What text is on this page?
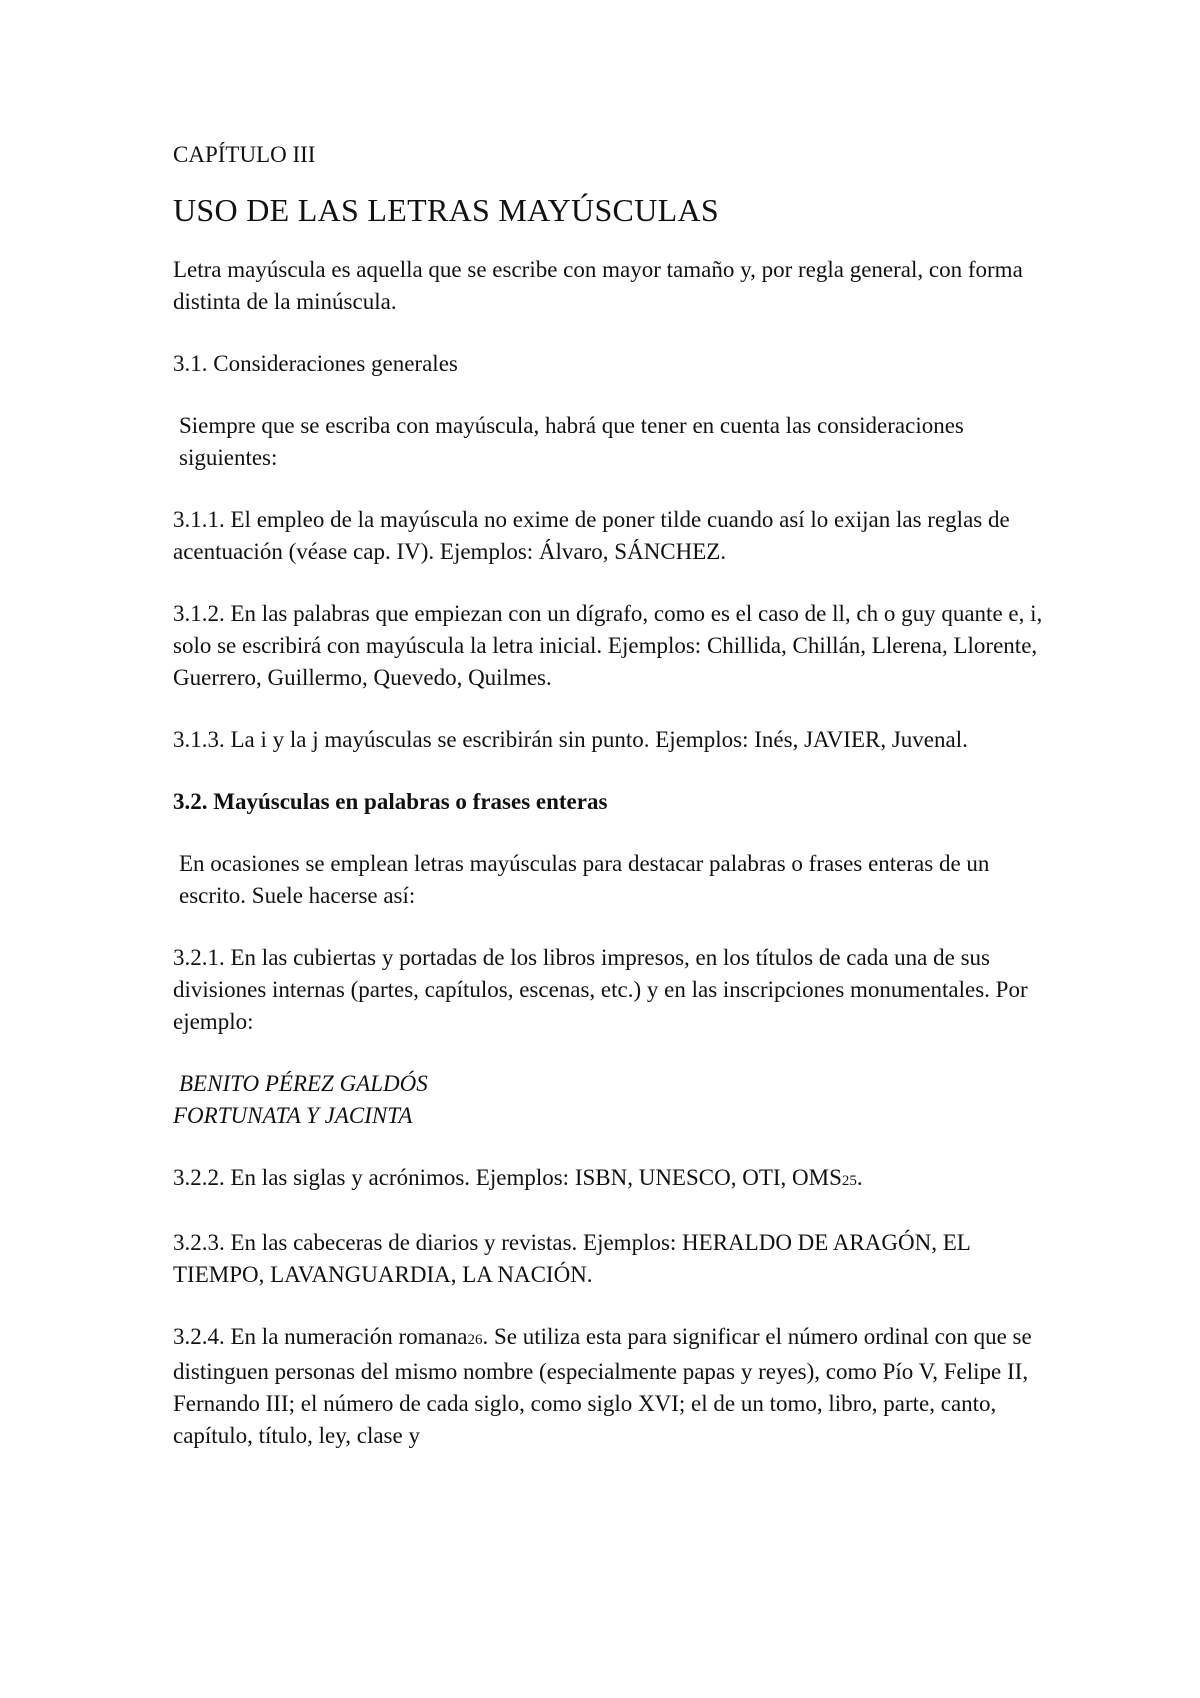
CAPÍTULO III
USO DE LAS LETRAS MAYÚSCULAS
Letra mayúscula es aquella que se escribe con mayor tamaño y, por regla general, con forma distinta de la minúscula.
3.1. Consideraciones generales
Siempre que se escriba con mayúscula, habrá que tener en cuenta las consideraciones siguientes:
3.1.1. El empleo de la mayúscula no exime de poner tilde cuando así lo exijan las reglas de acentuación (véase cap. IV). Ejemplos: Álvaro, SÁNCHEZ.
3.1.2. En las palabras que empiezan con un dígrafo, como es el caso de ll, ch o guy quante e, i, solo se escribirá con mayúscula la letra inicial. Ejemplos: Chillida, Chillán, Llerena, Llorente, Guerrero, Guillermo, Quevedo, Quilmes.
3.1.3. La i y la j mayúsculas se escribirán sin punto. Ejemplos: Inés, JAVIER, Juvenal.
3.2. Mayúsculas en palabras o frases enteras
En ocasiones se emplean letras mayúsculas para destacar palabras o frases enteras de un escrito. Suele hacerse así:
3.2.1. En las cubiertas y portadas de los libros impresos, en los títulos de cada una de sus divisiones internas (partes, capítulos, escenas, etc.) y en las inscripciones monumentales. Por ejemplo:
BENITO PÉREZ GALDÓS
FORTUNATA Y JACINTA
3.2.2. En las siglas y acrónimos. Ejemplos: ISBN, UNESCO, OTI, OMS25.
3.2.3. En las cabeceras de diarios y revistas. Ejemplos: HERALDO DE ARAGÓN, EL TIEMPO, LAVANGUARDIA, LA NACIÓN.
3.2.4. En la numeración romana26. Se utiliza esta para significar el número ordinal con que se distinguen personas del mismo nombre (especialmente papas y reyes), como Pío V, Felipe II, Fernando III; el número de cada siglo, como siglo XVI; el de un tomo, libro, parte, canto, capítulo, título, ley, clase y
